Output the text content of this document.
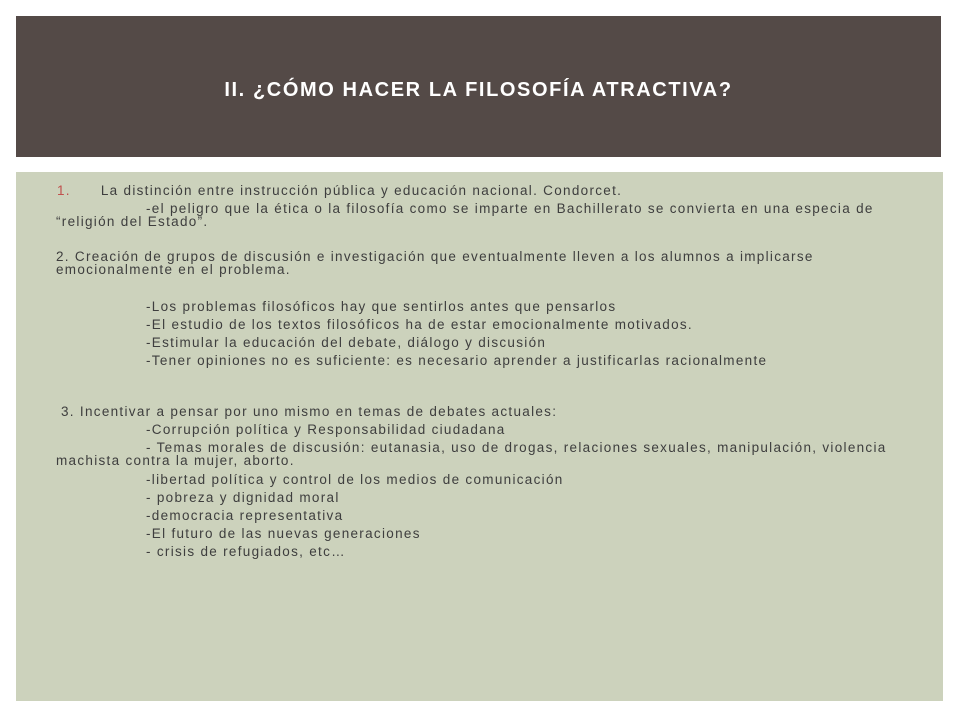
II. ¿CÓMO HACER LA FILOSOFÍA ATRACTIVA?
1. La distinción entre instrucción pública y educación nacional. Condorcet.
-el peligro que la ética o la filosofía como se imparte en Bachillerato se convierta en una especia de “religión del Estado”.
2. Creación de grupos de discusión e investigación que eventualmente lleven a los alumnos a implicarse emocionalmente en el problema.
-Los problemas filosóficos hay que sentirlos antes que pensarlos
-El estudio de los textos filosóficos ha de estar emocionalmente motivados.
-Estimular la educación del debate, diálogo y discusión
-Tener opiniones no es suficiente: es necesario aprender a justificarlas racionalmente
3. Incentivar a pensar por uno mismo en temas de debates actuales:
-Corrupción política y Responsabilidad ciudadana
- Temas morales de discusión: eutanasia, uso de drogas, relaciones sexuales, manipulación, violencia machista contra la mujer, aborto.
-libertad política y control de los medios de comunicación
- pobreza y dignidad moral
-democracia representativa
-El futuro de las nuevas generaciones
- crisis de refugiados, etc…
